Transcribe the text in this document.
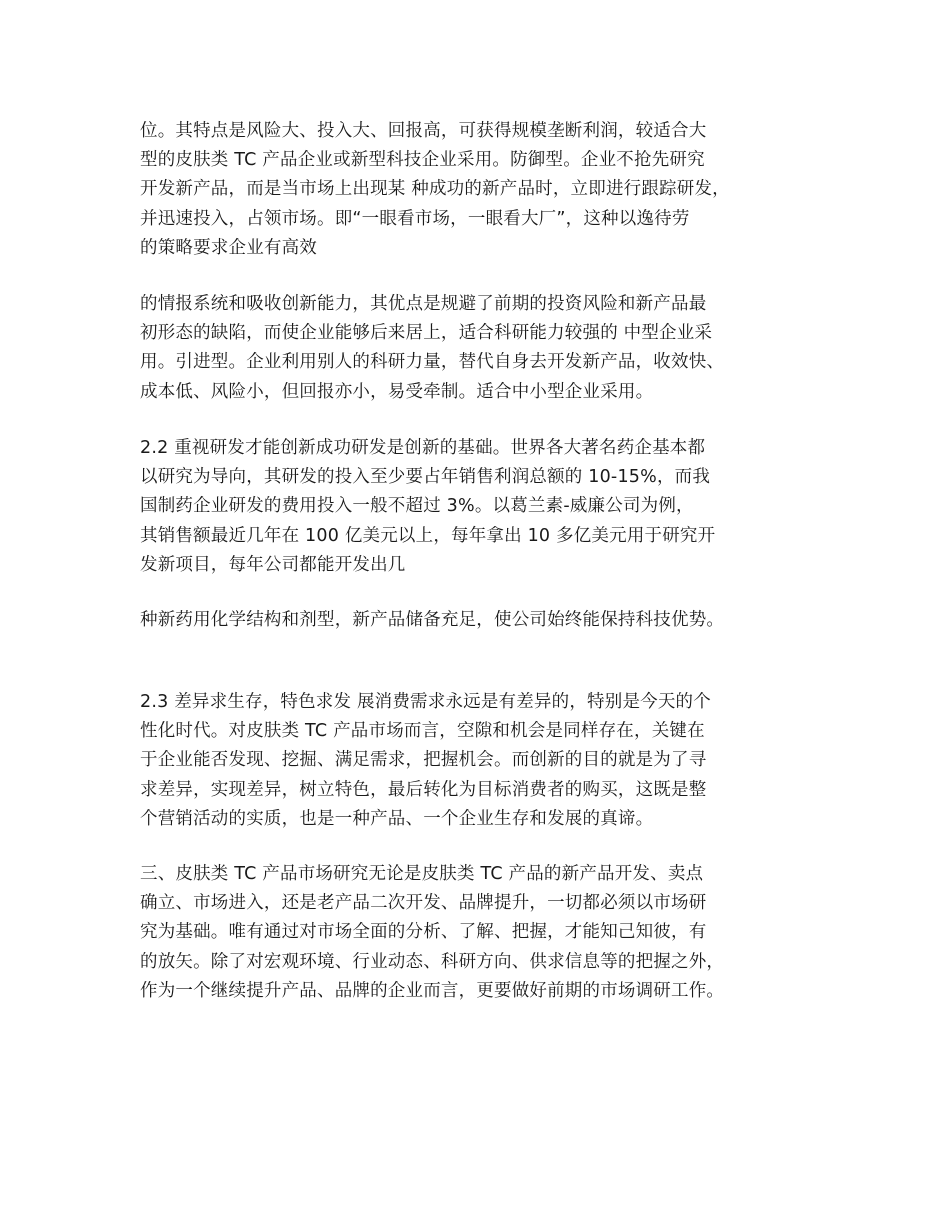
位。其特点是风险大、投入大、回报高，可获得规模垄断利润，较适合大
型的皮肤类 TC 产品企业或新型科技企业采用。防御型。企业不抢先研究
开发新产品，而是当市场上出现某 种成功的新产品时，立即进行跟踪研发，
并迅速投入，占领市场。即“一眼看市场，一眼看大厂”，这种以逸待劳
的策略要求企业有高效
的情报系统和吸收创新能力，其优点是规避了前期的投资风险和新产品最
初形态的缺陷，而使企业能够后来居上，适合科研能力较强的 中型企业采
用。引进型。企业利用别人的科研力量，替代自身去开发新产品，收效快、
成本低、风险小，但回报亦小，易受牵制。适合中小型企业采用。
2.2 重视研发才能创新成功研发是创新的基础。世界各大著名药企基本都
以研究为导向，其研发的投入至少要占年销售利润总额的 10-15%，而我
国制药企业研发的费用投入一般不超过 3%。以葛兰素-威廉公司为例，
其销售额最近几年在 100 亿美元以上，每年拿出 10 多亿美元用于研究开
发新项目，每年公司都能开发出几
种新药用化学结构和剂型，新产品储备充足，使公司始终能保持科技优势。
2.3 差异求生存，特色求发 展消费需求永远是有差异的，特别是今天的个
性化时代。对皮肤类 TC 产品市场而言，空隙和机会是同样存在，关键在
于企业能否发现、挖掘、满足需求，把握机会。而创新的目的就是为了寻
求差异，实现差异，树立特色，最后转化为目标消费者的购买，这既是整
个营销活动的实质，也是一种产品、一个企业生存和发展的真谛。
三、皮肤类 TC 产品市场研究无论是皮肤类 TC 产品的新产品开发、卖点
确立、市场进入，还是老产品二次开发、品牌提升，一切都必须以市场研
究为基础。唯有通过对市场全面的分析、了解、把握，才能知己知彼，有
的放矢。除了对宏观环境、行业动态、科研方向、供求信息等的把握之外，
作为一个继续提升产品、品牌的企业而言，更要做好前期的市场调研工作。
